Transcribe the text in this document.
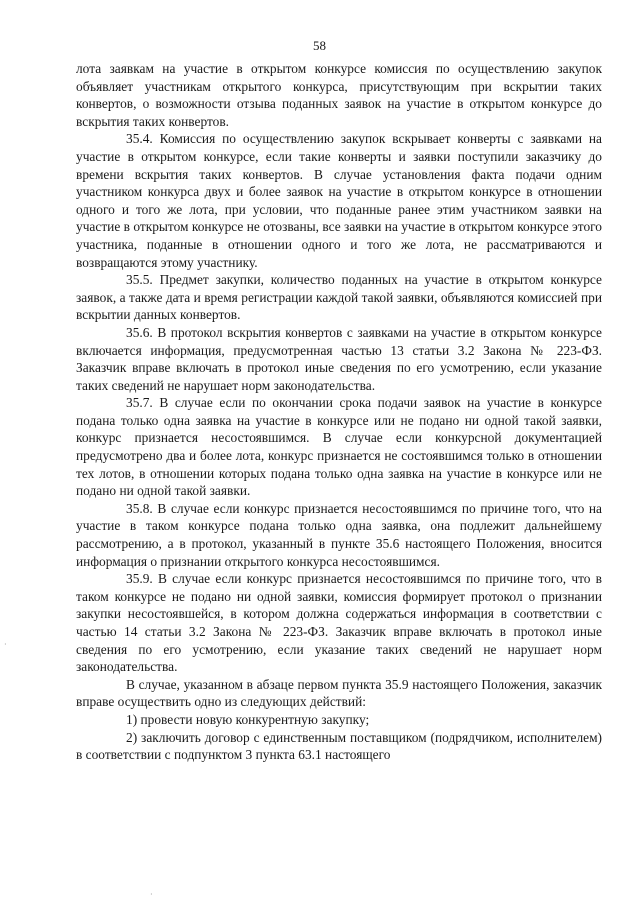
58

лота заявкам на участие в открытом конкурсе комиссия по осуществлению закупок объявляет участникам открытого конкурса, присутствующим при вскрытии таких конвертов, о возможности отзыва поданных заявок на участие в открытом конкурсе до вскрытия таких конвертов.

35.4. Комиссия по осуществлению закупок вскрывает конверты с заявками на участие в открытом конкурсе, если такие конверты и заявки поступили заказчику до времени вскрытия таких конвертов. В случае установления факта подачи одним участником конкурса двух и более заявок на участие в открытом конкурсе в отношении одного и того же лота, при условии, что поданные ранее этим участником заявки на участие в открытом конкурсе не отозваны, все заявки на участие в открытом конкурсе этого участника, поданные в отношении одного и того же лота, не рассматриваются и возвращаются этому участнику.

35.5. Предмет закупки, количество поданных на участие в открытом конкурсе заявок, а также дата и время регистрации каждой такой заявки, объявляются комиссией при вскрытии данных конвертов.

35.6. В протокол вскрытия конвертов с заявками на участие в открытом конкурсе включается информация, предусмотренная частью 13 статьи 3.2 Закона № 223-ФЗ. Заказчик вправе включать в протокол иные сведения по его усмотрению, если указание таких сведений не нарушает норм законодательства.

35.7. В случае если по окончании срока подачи заявок на участие в конкурсе подана только одна заявка на участие в конкурсе или не подано ни одной такой заявки, конкурс признается несостоявшимся. В случае если конкурсной документацией предусмотрено два и более лота, конкурс признается не состоявшимся только в отношении тех лотов, в отношении которых подана только одна заявка на участие в конкурсе или не подано ни одной такой заявки.

35.8. В случае если конкурс признается несостоявшимся по причине того, что на участие в таком конкурсе подана только одна заявка, она подлежит дальнейшему рассмотрению, а в протокол, указанный в пункте 35.6 настоящего Положения, вносится информация о признании открытого конкурса несостоявшимся.

35.9. В случае если конкурс признается несостоявшимся по причине того, что в таком конкурсе не подано ни одной заявки, комиссия формирует протокол о признании закупки несостоявшейся, в котором должна содержаться информация в соответствии с частью 14 статьи 3.2 Закона № 223-ФЗ. Заказчик вправе включать в протокол иные сведения по его усмотрению, если указание таких сведений не нарушает норм законодательства.

В случае, указанном в абзаце первом пункта 35.9 настоящего Положения, заказчик вправе осуществить одно из следующих действий:

1) провести новую конкурентную закупку;

2) заключить договор с единственным поставщиком (подрядчиком, исполнителем) в соответствии с подпунктом 3 пункта 63.1 настоящего

·
·
